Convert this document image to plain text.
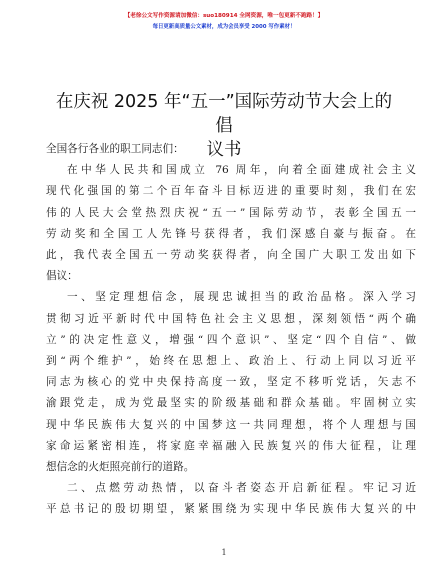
【老徐公文写作资源请加微信：suo180914 全网资源，唯一包更新不跑路！】
每日更新高质量公文素材，成为会员享受 2000 写作素材！
在庆祝 2025 年“五一”国际劳动节大会上的倡
议书
全国各行各业的职工同志们：
在中华人民共和国成立 76 周年，向着全面建成社会主义
现代化强国的第二个百年奋斗目标迈进的重要时刻，我们在宏
伟的人民大会堂热烈庆祝“五一”国际劳动节，表彰全国五一
劳动奖和全国工人先锋号获得者，我们深感自豪与振奋。在
此，我代表全国五一劳动奖获得者，向全国广大职工发出如下
倡议：
一、坚定理想信念，展现忠诚担当的政治品格。深入学习
贯彻习近平新时代中国特色社会主义思想，深刻领悟“两个确
立”的决定性意义，增强“四个意识”、坚定“四个自信”、做
到“两个维护”，始终在思想上、政治上、行动上同以习近平
同志为核心的党中央保持高度一致，坚定不移听党话，矢志不
渝跟党走，成为党最坚实的阶级基础和群众基础。牢固树立实
现中华民族伟大复兴的中国梦这一共同理想，将个人理想与国
家命运紧密相连，将家庭幸福融入民族复兴的伟大征程，让理
想信念的火炬照亮前行的道路。
二、点燃劳动热情，以奋斗者姿态开启新征程。牢记习近
平总书记的殷切期望，紧紧围绕为实现中华民族伟大复兴的中
1
